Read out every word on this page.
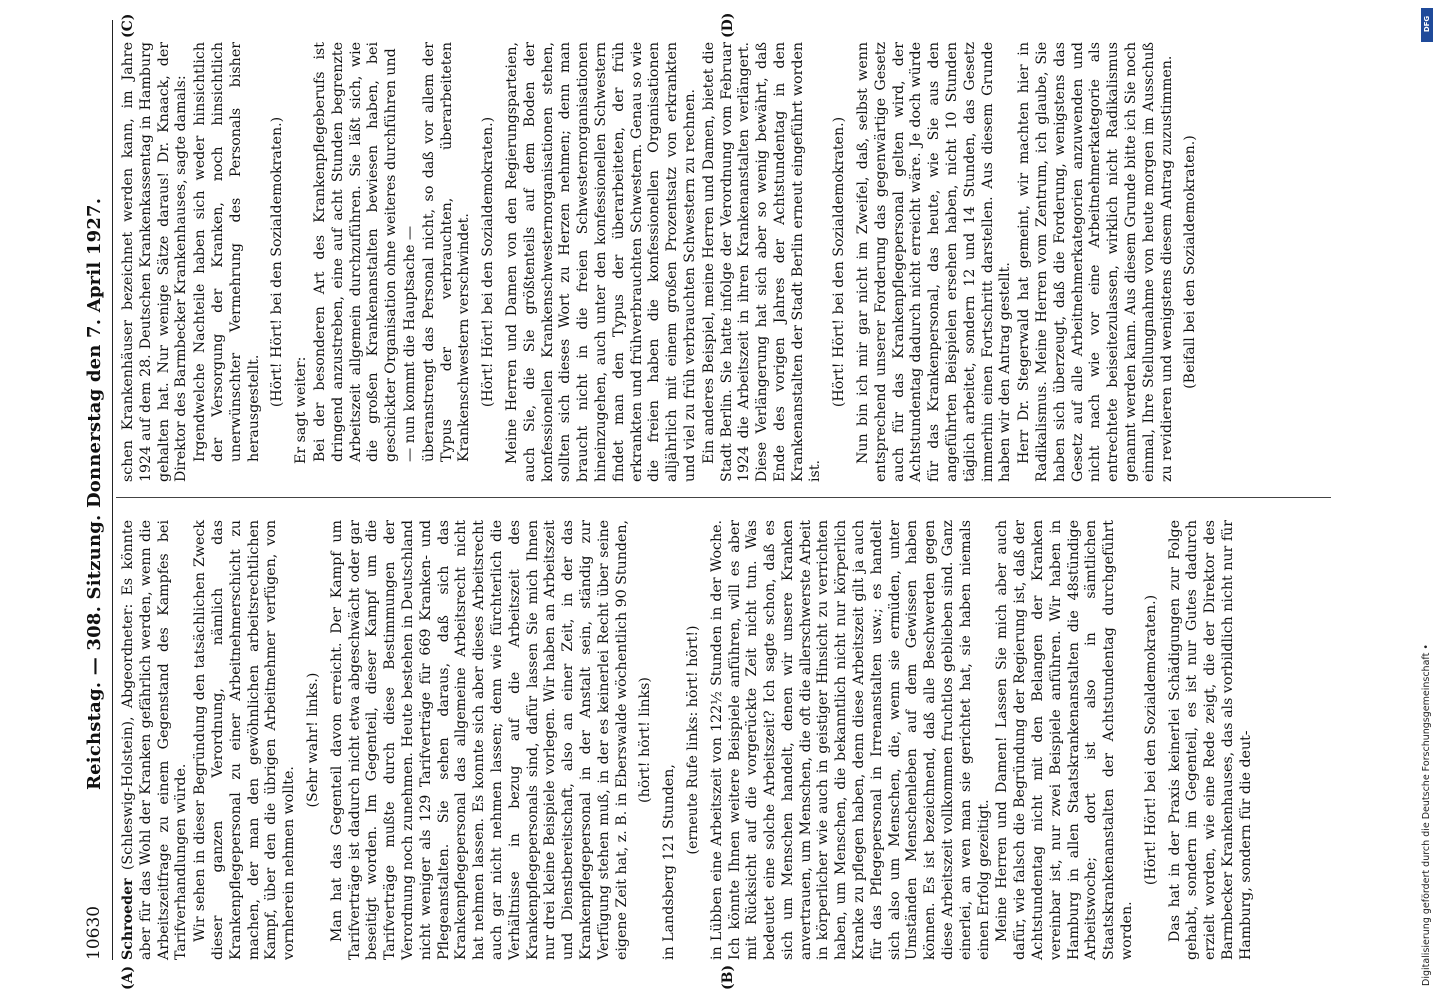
10630
Reichstag. — 308. Sitzung. Donnerstag den 7. April 1927.
(A)	(B)
(C)	(D)

Schroeder (Schleswig-Holstein), Abgeordneter: Es könnte aber für das Wohl der Kranken gefährlich werden, wenn die Arbeitszeitfrage zu einem Gegenstand des Kampfes bei Tarifverhandlungen würde. Wir sehen in dieser Begründung den tatsächlichen Zweck dieser ganzen Verordnung, nämlich das Krankenpflegepersonal zu einer Arbeitnehmerschicht zu machen, der man den gewöhnlichen arbeitsrechtlichen Kampf, über den die übrigen Arbeitnehmer verfügen, von vornherein nehmen wollte.

(Sehr wahr! links.) Man hat das Gegenteil davon erreicht. Der Kampf um Tarifverträge ist dadurch nicht etwa abgeschwächt oder gar beseitigt worden. Im Gegenteil, dieser Kampf um die Tarifverträge mußte durch diese Bestimmungen der Verordnung noch zunehmen. Heute bestehen in Deutschland nicht weniger als 129 Tarifverträge für 669 Kranken- und Pflegeanstalten. Sie sehen daraus, daß sich das Krankenpflegepersonal das allgemeine Arbeitsrecht nicht hat nehmen lassen. Es konnte sich aber dieses Arbeitsrecht auch gar nicht nehmen lassen; denn wie fürchterlich die Verhältnisse in bezug auf die Arbeitszeit des Krankenpflegepersonals sind, dafür lassen Sie mich Ihnen nur drei kleine Beispiele vorlegen. Wir haben an Arbeitszeit und Dienstbereitschaft, also an einer Zeit, in der das Krankenpflegepersonal in der Anstalt sein, ständig zur Verfügung stehen muß, in der es keinerlei Recht über seine eigene Zeit hat, z. B. in Eberswalde wöchentlich 90 Stunden, (hört! hört! links)

in Landsberg 121 Stunden,

(erneute Rufe links: hört! hört!) in Lübben eine Arbeitszeit von 122½ Stunden in der Woche. Ich könnte Ihnen weitere Beispiele anführen, will es aber mit Rücksicht auf die vorgerückte Zeit nicht tun. Was bedeutet eine solche Arbeitszeit? Ich sagte schon, daß es sich um Menschen handelt, denen wir unsere Kranken anvertrauen, um Menschen, die oft die allerschwerste Arbeit in körperlicher wie auch in geistiger Hinsicht zu verrichten haben, um Menschen, die bekanntlich nicht nur körperlich Kranke zu pflegen haben, denn diese Arbeitszeit gilt ja auch für das Pflegepersonal in Irrenanstalten usw.; es handelt sich also um Menschen, die, wenn sie ermüden, unter Umständen Menschenleben auf dem Gewissen haben können. Es ist bezeichnend, daß alle Beschwerden gegen diese Arbeitszeit vollkommen fruchtlos geblieben sind. Ganz einerlei, an wen man sie gerichtet hat, sie haben niemals einen Erfolg gezeitigt. Meine Herren und Damen! Lassen Sie mich aber auch dafür, wie falsch die Begründung der Regierung ist, daß der Achtstundentag nicht mit den Belangen der Kranken vereinbar ist, nur zwei Beispiele anführen. Wir haben in Hamburg in allen Staatskrankenanstalten die 48stündige Arbeitswoche; dort ist also in sämtlichen Staatskrankenanstalten der Achtstundentag durchgeführt worden.

(Hört! Hört! bei den Sozialdemokraten.) Das hat in der Praxis keinerlei Schädigungen zur Folge gehabt, sondern im Gegenteil, es ist nur Gutes dadurch erzielt worden, wie eine Rede zeigt, die der Direktor des Barmbecker Krankenhauses, das als vorbildlich nicht nur für Hamburg, sondern für die deut-

schen Krankenhäuser bezeichnet werden kann, im Jahre 1924 auf dem 28. Deutschen Krankenkassentag in Hamburg gehalten hat. Nur wenige Sätze daraus! Dr. Knaack, der Direktor des Barmbecker Krankenhauses, sagte damals: Irgendwelche Nachteile haben sich weder hinsichtlich der Versorgung der Kranken, noch hinsichtlich unerwünschter Vermehrung des Personals bisher herausgestellt.

(Hört! Hört! bei den Sozialdemokraten.)

Er sagt weiter: Bei der besonderen Art des Krankenpflegeberufs ist dringend anzustreben, eine auf acht Stunden begrenzte Arbeitszeit allgemein durchzuführen. Sie läßt sich, wie die großen Krankenanstalten bewiesen haben, bei geschickter Organisation ohne weiteres durchführen und — nun kommt die Hauptsache — überanstrengt das Personal nicht, so daß vor allem der Typus der verbrauchten, überarbeiteten Krankenschwestern verschwindet. (Hört! Hört! bei den Sozialdemokraten.) Meine Herren und Damen von den Regierungsparteien, auch Sie, die Sie größtenteils auf dem Boden der konfessionellen Krankenschwesternorganisationen stehen, sollten sich dieses Wort zu Herzen nehmen; denn man braucht nicht in die freien Schwesternorganisationen hineinzugehen, auch unter den konfessionellen Schwestern findet man den Typus der überarbeiteten, der früh erkrankten und frühverbrauchten Schwestern. Genau so wie die freien haben die konfessionellen Organisationen alljährlich mit einem großen Prozentsatz von erkrankten und viel zu früh verbrauchten Schwestern zu rechnen. Ein anderes Beispiel, meine Herren und Damen, bietet die Stadt Berlin. Sie hatte infolge der Verordnung vom Februar 1924 die Arbeitszeit in ihren Krankenanstalten verlängert. Diese Verlängerung hat sich aber so wenig bewährt, daß Ende des vorigen Jahres der Achtstundentag in den Krankenanstalten der Stadt Berlin erneut eingeführt worden ist.

(Hört! Hört! bei den Sozialdemokraten.) Nun bin ich mir gar nicht im Zweifel, daß, selbst wenn entsprechend unserer Forderung das gegenwärtige Gesetz auch für das Krankenpflegepersonal gelten wird, der Achtstundentag dadurch nicht erreicht wäre. Je doch würde für das Krankenpersonal, das heute, wie Sie aus den angeführten Beispielen ersehen haben, nicht 10 Stunden täglich arbeitet, sondern 12 und 14 Stunden, das Gesetz immerhin einen Fortschritt darstellen. Aus diesem Grunde haben wir den Antrag gestellt. Herr Dr. Stegerwald hat gemeint, wir machten hier in Radikalismus. Meine Herren vom Zentrum, ich glaube, Sie haben sich überzeugt, daß die Forderung, wenigstens das Gesetz auf alle Arbeitnehmerkategorien anzuwenden und nicht nach wie vor eine Arbeitnehmerkategorie als entrechtete beiseitezulassen, wirklich nicht Radikalismus genannt werden kann. Aus diesem Grunde bitte ich Sie noch einmal, Ihre Stellungnahme von heute morgen im Ausschuß zu revidieren und wenigstens diesem Antrag zuzustimmen. (Beifall bei den Sozialdemokraten.)

DFG
Digitalisierung gefördert durch die Deutsche Forschungsgemeinschaft •
